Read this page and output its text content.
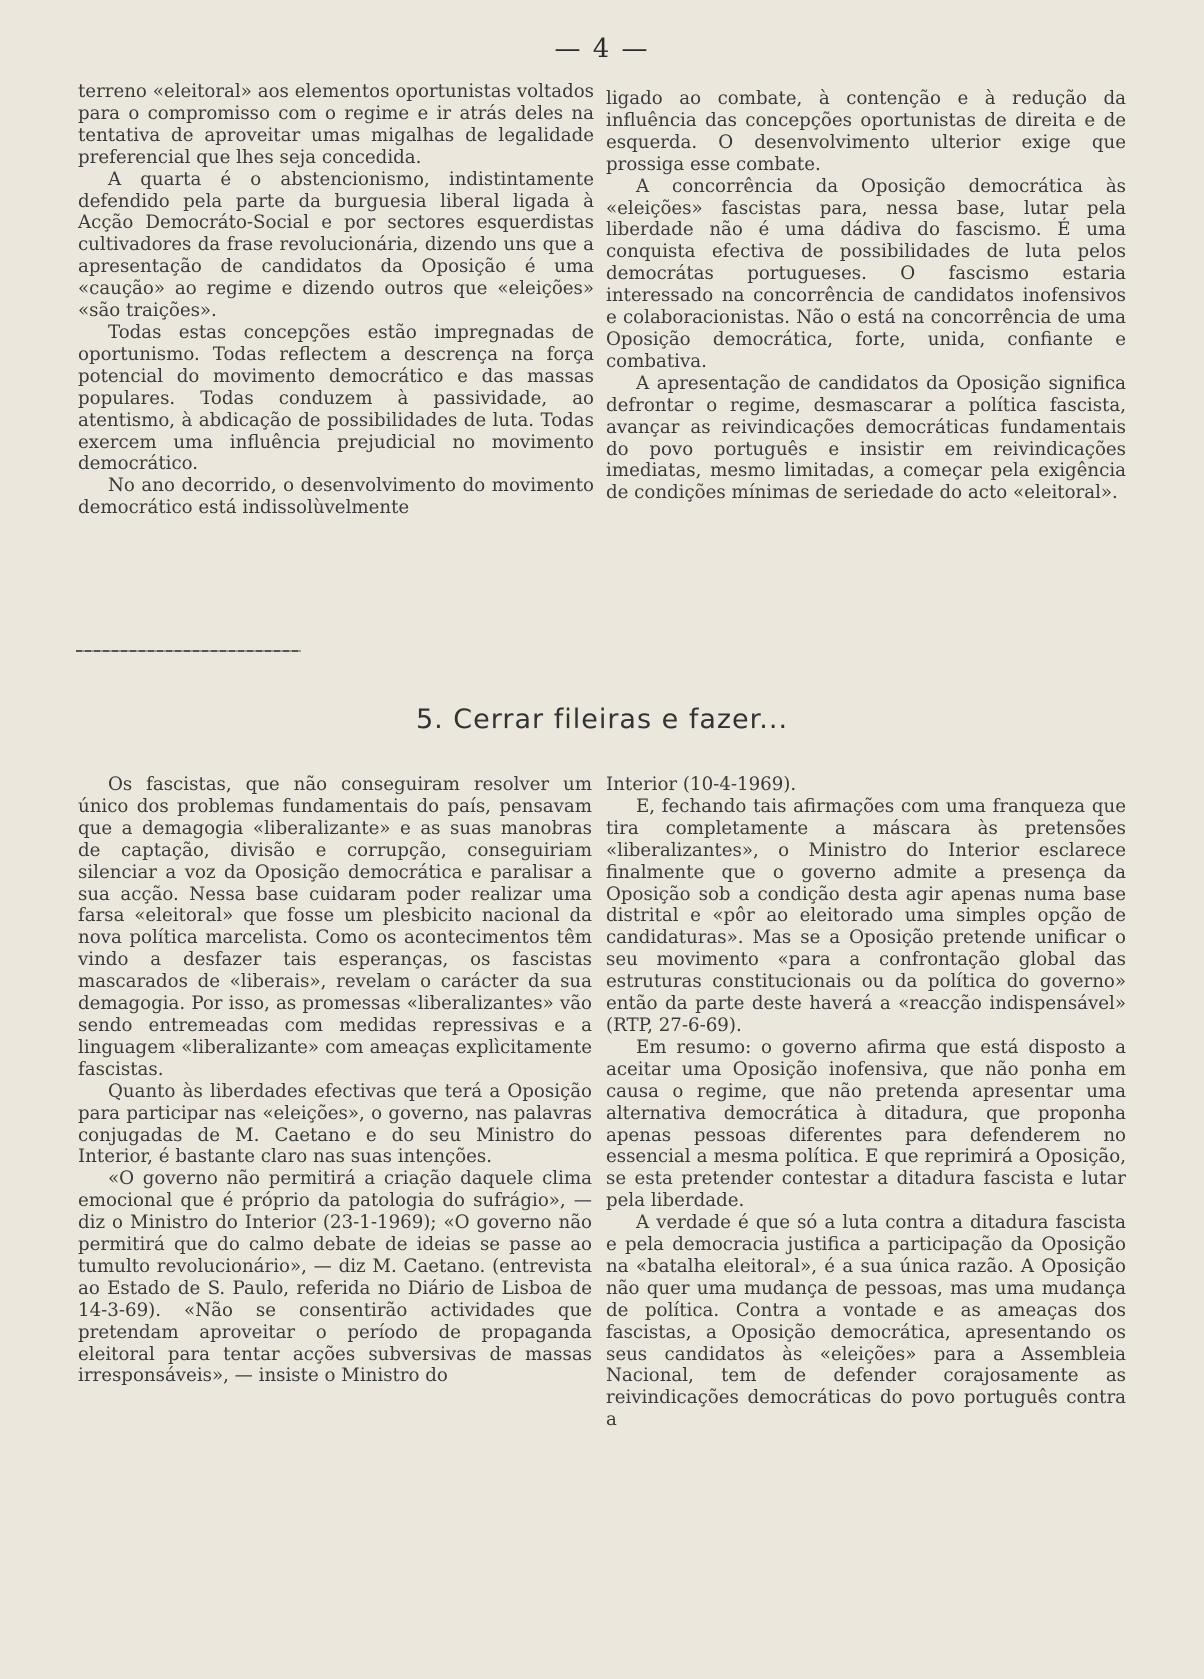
— 4 —

terreno «eleitoral» aos elementos oportunistas voltados para o compromisso com o regime e ir atrás deles na tentativa de aproveitar umas migalhas de legalidade preferencial que lhes seja concedida.

A quarta é o abstencionismo, indistintamente defendido pela parte da burguesia liberal ligada à Acção Democráto-Social e por sectores esquerdistas cultivadores da frase revolucionária, dizendo uns que a apresentação de candidatos da Oposição é uma «caução» ao regime e dizendo outros que «eleições» «são traições».

Todas estas concepções estão impregnadas de oportunismo. Todas reflectem a descrença na força potencial do movimento democrático e das massas populares. Todas conduzem à passividade, ao atentismo, à abdicação de possibilidades de luta. Todas exercem uma influência prejudicial no movimento democrático.

No ano decorrido, o desenvolvimento do movimento democrático está indissolùvelmente

ligado ao combate, à contenção e à redução da influência das concepções oportunistas de direita e de esquerda. O desenvolvimento ulterior exige que prossiga esse combate.

A concorrência da Oposição democrática às «eleições» fascistas para, nessa base, lutar pela liberdade não é uma dádiva do fascismo. É uma conquista efectiva de possibilidades de luta pelos democrátas portugueses. O fascismo estaria interessado na concorrência de candidatos inofensivos e colaboracionistas. Não o está na concorrência de uma Oposição democrática, forte, unida, confiante e combativa.

A apresentação de candidatos da Oposição significa defrontar o regime, desmascarar a política fascista, avançar as reivindicações democráticas fundamentais do povo português e insistir em reivindicações imediatas, mesmo limitadas, a começar pela exigência de condições mínimas de seriedade do acto «eleitoral».

5. Cerrar fileiras e fazer...

Os fascistas, que não conseguiram resolver um único dos problemas fundamentais do país, pensavam que a demagogia «liberalizante» e as suas manobras de captação, divisão e corrupção, conseguiriam silenciar a voz da Oposição democrática e paralisar a sua acção. Nessa base cuidaram poder realizar uma farsa «eleitoral» que fosse um plesbicito nacional da nova política marcelista. Como os acontecimentos têm vindo a desfazer tais esperanças, os fascistas mascarados de «liberais», revelam o carácter da sua demagogia. Por isso, as promessas «liberalizantes» vão sendo entremeadas com medidas repressivas e a linguagem «liberalizante» com ameaças explìcitamente fascistas.

Quanto às liberdades efectivas que terá a Oposição para participar nas «eleições», o governo, nas palavras conjugadas de M. Caetano e do seu Ministro do Interior, é bastante claro nas suas intenções.

«O governo não permitirá a criação daquele clima emocional que é próprio da patologia do sufrágio», — diz o Ministro do Interior (23-1-1969); «O governo não permitirá que do calmo debate de ideias se passe ao tumulto revolucionário», — diz M. Caetano. (entrevista ao Estado de S. Paulo, referida no Diário de Lisboa de 14-3-69). «Não se consentirão actividades que pretendam aproveitar o período de propaganda eleitoral para tentar acções subversivas de massas irresponsáveis», — insiste o Ministro do

Interior (10-4-1969).

E, fechando tais afirmações com uma franqueza que tira completamente a máscara às pretensões «liberalizantes», o Ministro do Interior esclarece finalmente que o governo admite a presença da Oposição sob a condição desta agir apenas numa base distrital e «pôr ao eleitorado uma simples opção de candidaturas». Mas se a Oposição pretende unificar o seu movimento «para a confrontação global das estruturas constitucionais ou da política do governo» então da parte deste haverá a «reacção indispensável» (RTP, 27-6-69).

Em resumo: o governo afirma que está disposto a aceitar uma Oposição inofensiva, que não ponha em causa o regime, que não pretenda apresentar uma alternativa democrática à ditadura, que proponha apenas pessoas diferentes para defenderem no essencial a mesma política. E que reprimirá a Oposição, se esta pretender contestar a ditadura fascista e lutar pela liberdade.

A verdade é que só a luta contra a ditadura fascista e pela democracia justifica a participação da Oposição na «batalha eleitoral», é a sua única razão. A Oposição não quer uma mudança de pessoas, mas uma mudança de política. Contra a vontade e as ameaças dos fascistas, a Oposição democrática, apresentando os seus candidatos às «eleições» para a Assembleia Nacional, tem de defender corajosamente as reivindicações democráticas do povo português contra a
